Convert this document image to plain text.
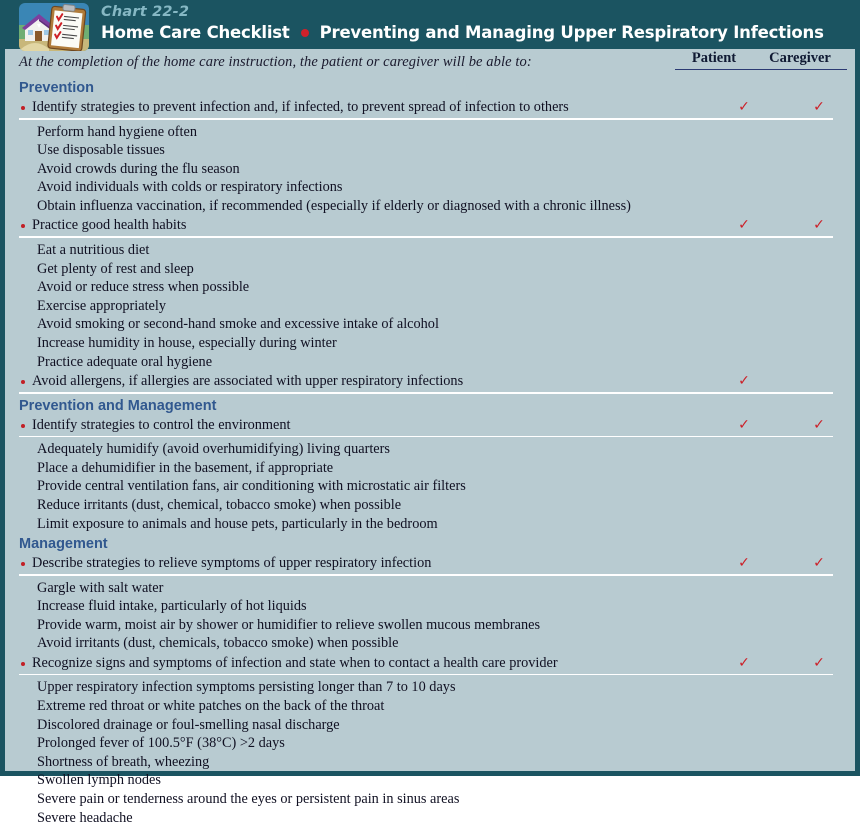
Chart 22-2
Home Care Checklist Preventing and Managing Upper Respiratory Infections
At the completion of the home care instruction, the patient or caregiver will be able to:	Patient	Caregiver
Prevention
Identify strategies to prevent infection and, if infected, to prevent spread of infection to others	✓	✓
Perform hand hygiene often
Use disposable tissues
Avoid crowds during the flu season
Avoid individuals with colds or respiratory infections
Obtain influenza vaccination, if recommended (especially if elderly or diagnosed with a chronic illness)
Practice good health habits	✓	✓
Eat a nutritious diet
Get plenty of rest and sleep
Avoid or reduce stress when possible
Exercise appropriately
Avoid smoking or second-hand smoke and excessive intake of alcohol
Increase humidity in house, especially during winter
Practice adequate oral hygiene
Avoid allergens, if allergies are associated with upper respiratory infections	✓
Prevention and Management
Identify strategies to control the environment	✓	✓
Adequately humidify (avoid overhumidifying) living quarters
Place a dehumidifier in the basement, if appropriate
Provide central ventilation fans, air conditioning with microstatic air filters
Reduce irritants (dust, chemical, tobacco smoke) when possible
Limit exposure to animals and house pets, particularly in the bedroom
Management
Describe strategies to relieve symptoms of upper respiratory infection	✓	✓
Gargle with salt water
Increase fluid intake, particularly of hot liquids
Provide warm, moist air by shower or humidifier to relieve swollen mucous membranes
Avoid irritants (dust, chemicals, tobacco smoke) when possible
Recognize signs and symptoms of infection and state when to contact a health care provider	✓	✓
Upper respiratory infection symptoms persisting longer than 7 to 10 days
Extreme red throat or white patches on the back of the throat
Discolored drainage or foul-smelling nasal discharge
Prolonged fever of 100.5°F (38°C) >2 days
Shortness of breath, wheezing
Swollen lymph nodes
Severe pain or tenderness around the eyes or persistent pain in sinus areas
Severe headache
